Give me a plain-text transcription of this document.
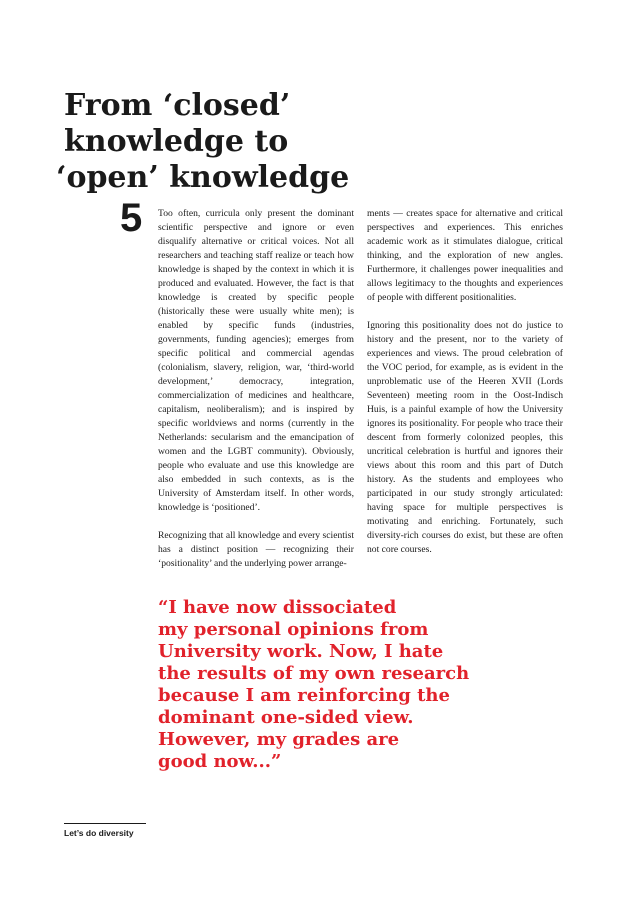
From ‘closed’
knowledge to
‘open’ knowledge
5 Too often, curricula only present the dominant scientific perspective and ignore or even disqualify alternative or critical voices. Not all researchers and teaching staff realize or teach how knowledge is shaped by the context in which it is produced and evaluated. However, the fact is that knowledge is created by specific people (historically these were usually white men); is enabled by specific funds (industries, governments, funding agencies); emerges from specific political and commercial agendas (colonialism, slavery, religion, war, ‘third-world development,’ democracy, integration, commercialization of medicines and healthcare, capitalism, neoliberalism); and is inspired by specific worldviews and norms (currently in the Netherlands: secularism and the emancipation of women and the LGBT community). Obviously, people who evaluate and use this knowledge are also embedded in such contexts, as is the University of Amsterdam itself. In other words, knowledge is ‘positioned’.

Recognizing that all knowledge and every scientist has a distinct position — recognizing their ‘positionality’ and the underlying power arrange-

ments — creates space for alternative and critical perspectives and experiences. This enriches academic work as it stimulates dialogue, critical thinking, and the exploration of new angles. Furthermore, it challenges power inequalities and allows legitimacy to the thoughts and experiences of people with different positionalities.

Ignoring this positionality does not do justice to history and the present, nor to the variety of experiences and views. The proud celebration of the VOC period, for example, as is evident in the unproblematic use of the Heeren XVII (Lords Seventeen) meeting room in the Oost-Indisch Huis, is a painful example of how the University ignores its positionality. For people who trace their descent from formerly colonized peoples, this uncritical celebration is hurtful and ignores their views about this room and this part of Dutch history. As the students and employees who participated in our study strongly articulated: having space for multiple perspectives is motivating and enriching. Fortunately, such diversity-rich courses do exist, but these are often not core courses.

“I have now dissociated
my personal opinions from
University work. Now, I hate
the results of my own research
because I am reinforcing the
dominant one-sided view.
However, my grades are
good now...”
Let’s do diversity
